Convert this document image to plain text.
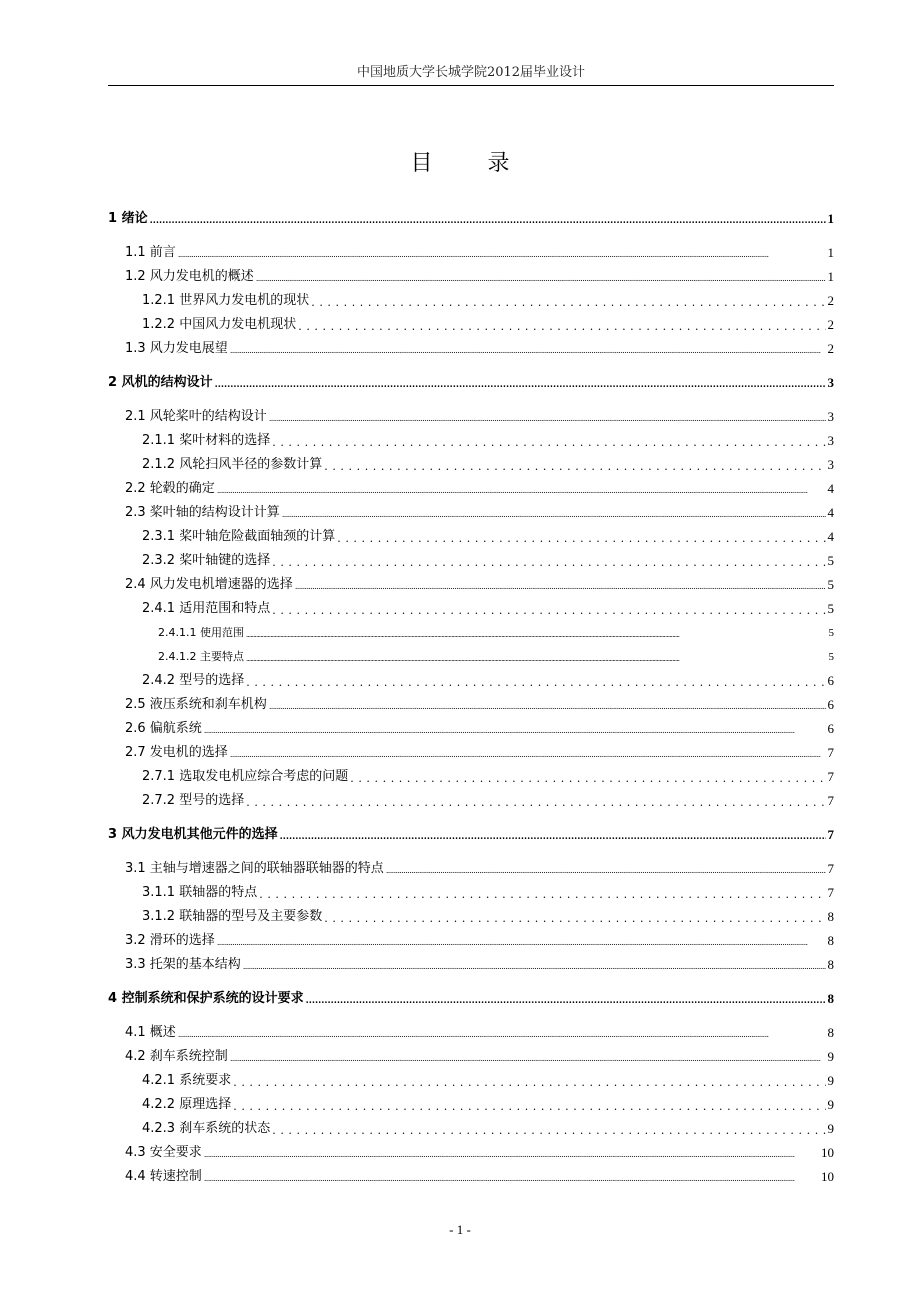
中国地质大学长城学院2012届毕业设计
目 录
1 绪论 .....	1
1.1 前言 .....	1
1.2 风力发电机的概述 .....	1
1.2.1 世界风力发电机的现状 .....	2
1.2.2 中国风力发电机现状 .....	2
1.3 风力发电展望 .....	2
2 风机的结构设计 .....	3
2.1 风轮桨叶的结构设计 .....	3
2.1.1 桨叶材料的选择 .....	3
2.1.2 风轮扫风半径的参数计算 .....	3
2.2 轮毂的确定 .....	4
2.3 桨叶轴的结构设计计算 .....	4
2.3.1 桨叶轴危险截面轴颈的计算 .....	4
2.3.2 桨叶轴键的选择 .....	5
2.4 风力发电机增速器的选择 .....	5
2.4.1 适用范围和特点 .....	5
2.4.1.1 使用范围 .....	5
2.4.1.2 主要特点 .....	5
2.4.2 型号的选择 .....	6
2.5 液压系统和刹车机构 .....	6
2.6 偏航系统 .....	6
2.7 发电机的选择 .....	7
2.7.1 选取发电机应综合考虑的问题 .....	7
2.7.2 型号的选择 .....	7
3 风力发电机其他元件的选择 .....	7
3.1 主轴与增速器之间的联轴器联轴器的特点 .....	7
3.1.1 联轴器的特点 .....	7
3.1.2 联轴器的型号及主要参数 .....	8
3.2 滑环的选择 .....	8
3.3 托架的基本结构 .....	8
4 控制系统和保护系统的设计要求 .....	8
4.1 概述 .....	8
4.2 刹车系统控制 .....	9
4.2.1 系统要求 .....	9
4.2.2 原理选择 .....	9
4.2.3 刹车系统的状态 .....	9
4.3 安全要求 .....	10
4.4 转速控制 .....	10
- 1 -
